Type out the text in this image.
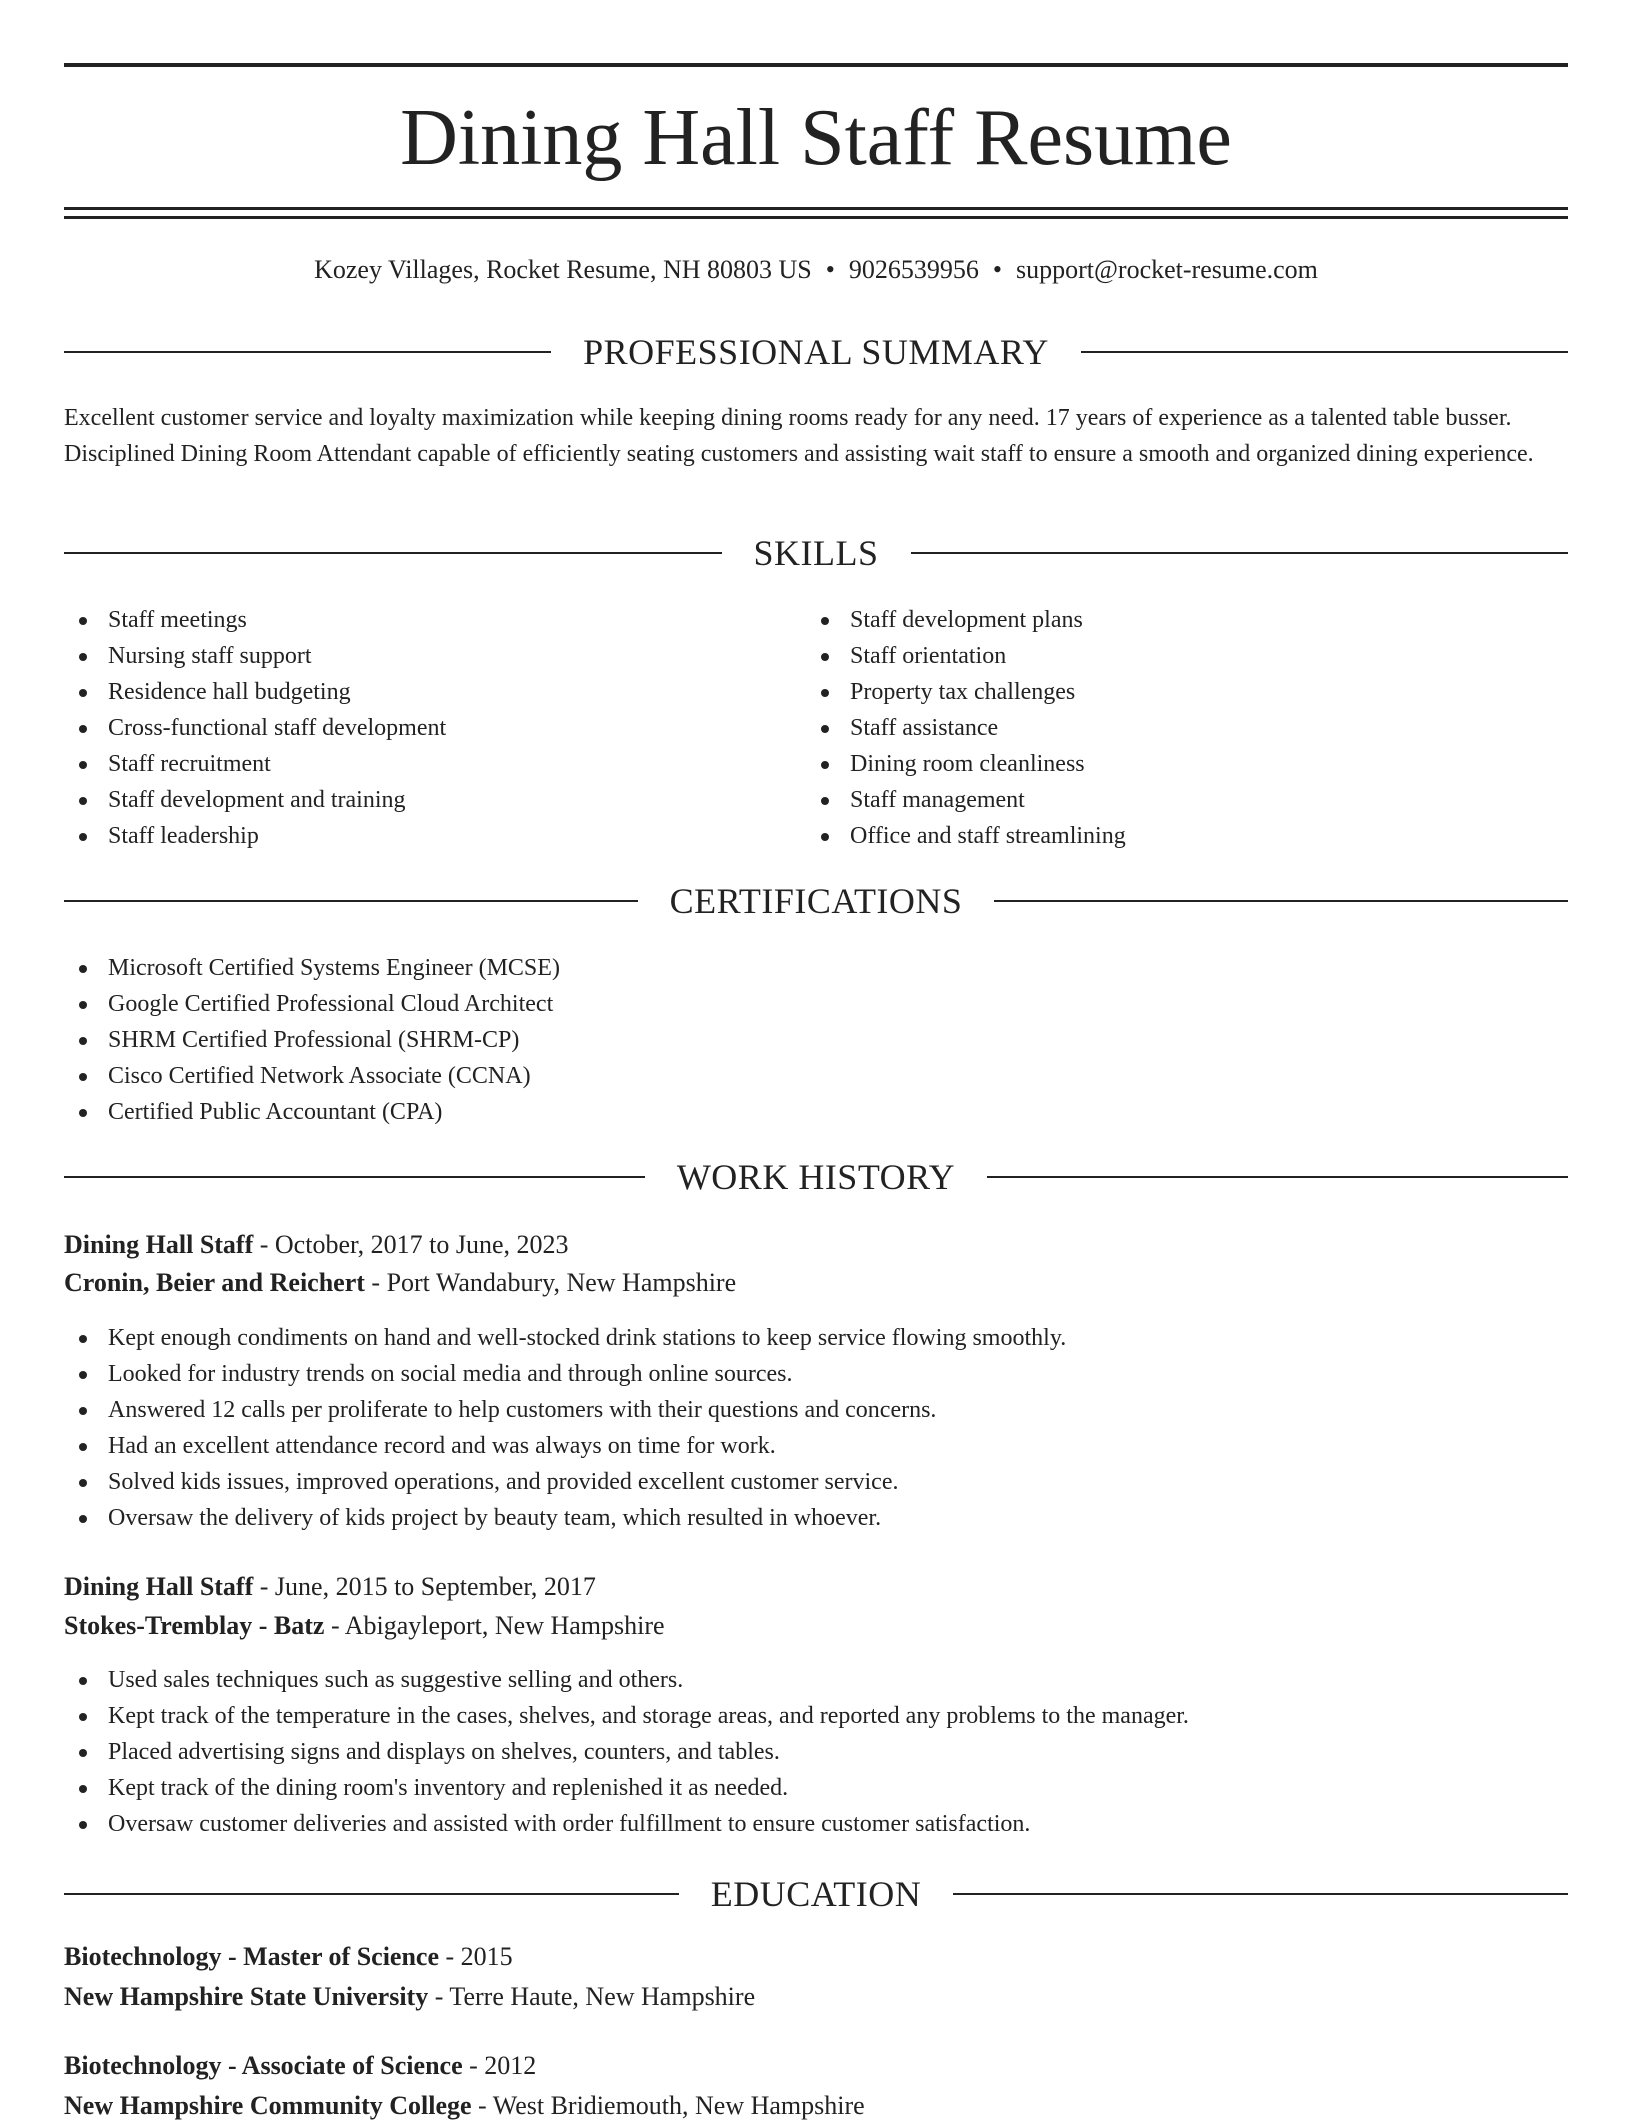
Dining Hall Staff Resume
Kozey Villages, Rocket Resume, NH 80803 US • 9026539956 • support@rocket-resume.com
PROFESSIONAL SUMMARY

Excellent customer service and loyalty maximization while keeping dining rooms ready for any need. 17 years of experience as a talented table busser. Disciplined Dining Room Attendant capable of efficiently seating customers and assisting wait staff to ensure a smooth and organized dining experience.

SKILLS
Staff meetings
Nursing staff support
Residence hall budgeting
Cross-functional staff development
Staff recruitment
Staff development and training
Staff leadership
Staff development plans
Staff orientation
Property tax challenges
Staff assistance
Dining room cleanliness
Staff management
Office and staff streamlining
CERTIFICATIONS
Microsoft Certified Systems Engineer (MCSE)
Google Certified Professional Cloud Architect
SHRM Certified Professional (SHRM-CP)
Cisco Certified Network Associate (CCNA)
Certified Public Accountant (CPA)
WORK HISTORY
Dining Hall Staff - October, 2017 to June, 2023
Cronin, Beier and Reichert - Port Wandabury, New Hampshire
Kept enough condiments on hand and well-stocked drink stations to keep service flowing smoothly.
Looked for industry trends on social media and through online sources.
Answered 12 calls per proliferate to help customers with their questions and concerns.
Had an excellent attendance record and was always on time for work.
Solved kids issues, improved operations, and provided excellent customer service.
Oversaw the delivery of kids project by beauty team, which resulted in whoever.
Dining Hall Staff - June, 2015 to September, 2017
Stokes-Tremblay - Batz - Abigayleport, New Hampshire
Used sales techniques such as suggestive selling and others.
Kept track of the temperature in the cases, shelves, and storage areas, and reported any problems to the manager.
Placed advertising signs and displays on shelves, counters, and tables.
Kept track of the dining room's inventory and replenished it as needed.
Oversaw customer deliveries and assisted with order fulfillment to ensure customer satisfaction.
EDUCATION
Biotechnology - Master of Science - 2015
New Hampshire State University - Terre Haute, New Hampshire
Biotechnology - Associate of Science - 2012
New Hampshire Community College - West Bridiemouth, New Hampshire
